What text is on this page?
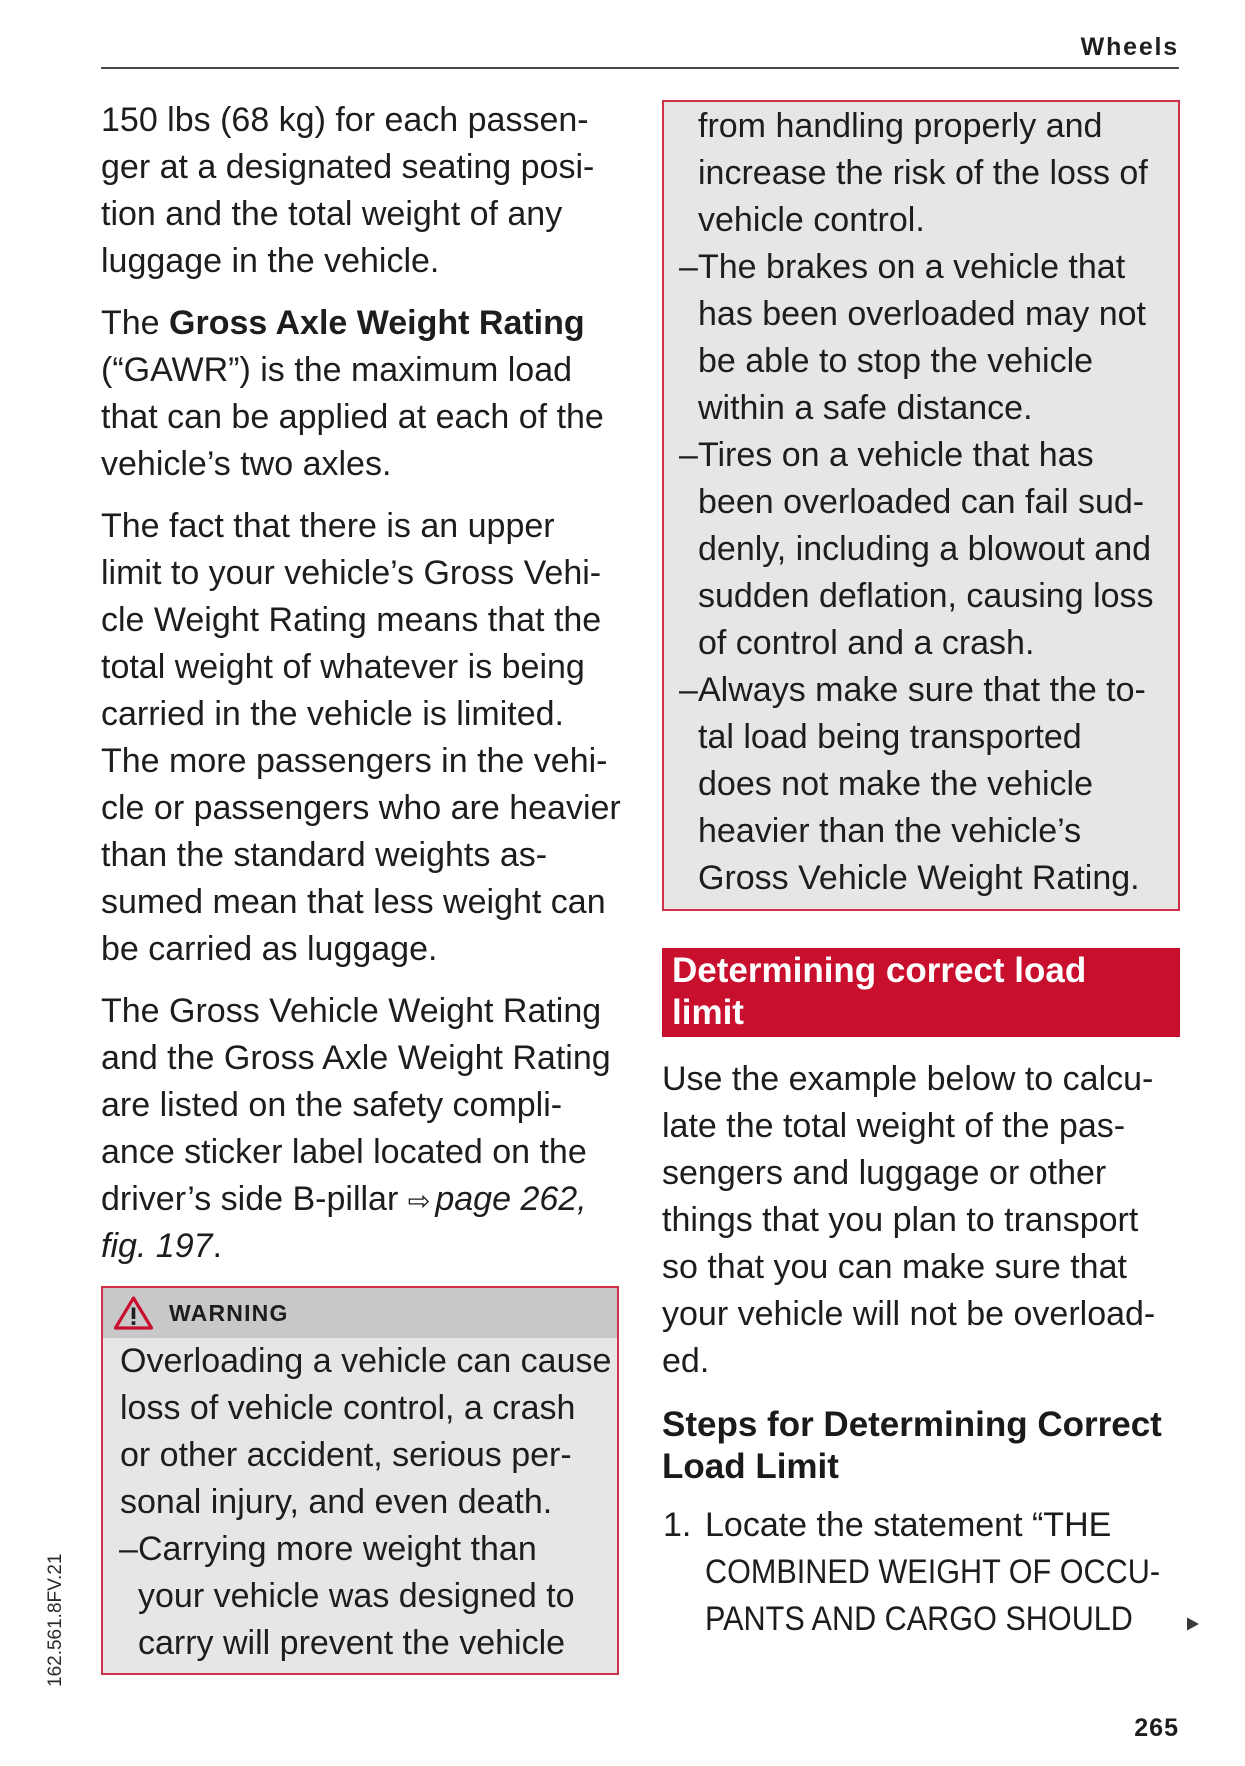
Wheels
150 lbs (68 kg) for each passen-
ger at a designated seating posi-
tion and the total weight of any
luggage in the vehicle.
The Gross Axle Weight Rating
(“GAWR”) is the maximum load
that can be applied at each of the
vehicle’s two axles.
The fact that there is an upper
limit to your vehicle’s Gross Vehi-
cle Weight Rating means that the
total weight of whatever is being
carried in the vehicle is limited.
The more passengers in the vehi-
cle or passengers who are heavier
than the standard weights as-
sumed mean that less weight can
be carried as luggage.
The Gross Vehicle Weight Rating
and the Gross Axle Weight Rating
are listed on the safety compli-
ance sticker label located on the
driver’s side B-pillar ⇨ page 262,
fig. 197.
WARNING
Overloading a vehicle can cause
loss of vehicle control, a crash
or other accident, serious per-
sonal injury, and even death.
– Carrying more weight than
your vehicle was designed to
carry will prevent the vehicle
from handling properly and
increase the risk of the loss of
vehicle control.
– The brakes on a vehicle that
has been overloaded may not
be able to stop the vehicle
within a safe distance.
– Tires on a vehicle that has
been overloaded can fail sud-
denly, including a blowout and
sudden deflation, causing loss
of control and a crash.
– Always make sure that the to-
tal load being transported
does not make the vehicle
heavier than the vehicle’s
Gross Vehicle Weight Rating.
Determining correct load
limit
Use the example below to calcu-
late the total weight of the pas-
sengers and luggage or other
things that you plan to transport
so that you can make sure that
your vehicle will not be overload-
ed.
Steps for Determining Correct
Load Limit
1. Locate the statement “THE
COMBINED WEIGHT OF OCCU-
PANTS AND CARGO SHOULD
265
162.561.8FV.21
